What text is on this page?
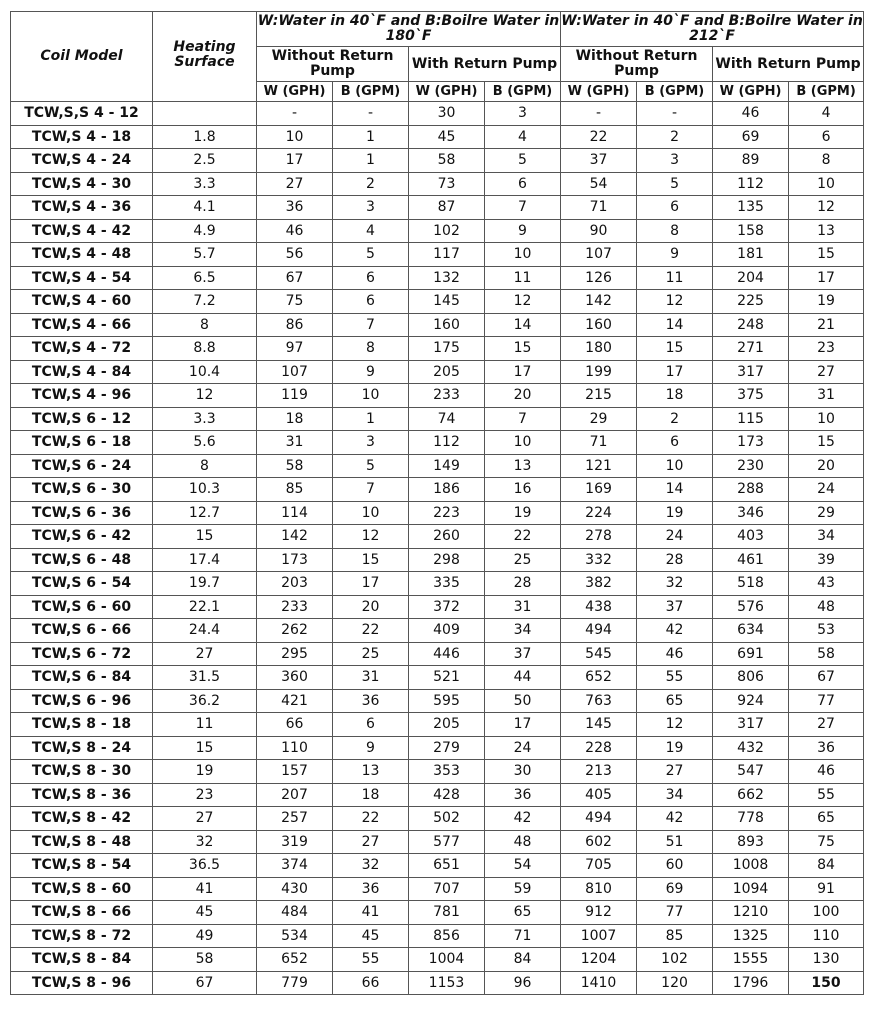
Coil Model	Heating Surface	W:Water in 40`F and B:Boilre Water in 180`F				W:Water in 40`F and B:Boilre Water in 212`F			
		Without Return Pump		With Return Pump		Without Return Pump		With Return Pump	
		W (GPH)	B (GPM)	W (GPH)	B (GPM)	W (GPH)	B (GPM)	W (GPH)	B (GPM)
TCW,S,S 4 - 12		-	-	30	3	-	-	46	4
TCW,S 4 - 18	1.8	10	1	45	4	22	2	69	6
TCW,S 4 - 24	2.5	17	1	58	5	37	3	89	8
TCW,S 4 - 30	3.3	27	2	73	6	54	5	112	10
TCW,S 4 - 36	4.1	36	3	87	7	71	6	135	12
TCW,S 4 - 42	4.9	46	4	102	9	90	8	158	13
TCW,S 4 - 48	5.7	56	5	117	10	107	9	181	15
TCW,S 4 - 54	6.5	67	6	132	11	126	11	204	17
TCW,S 4 - 60	7.2	75	6	145	12	142	12	225	19
TCW,S 4 - 66	8	86	7	160	14	160	14	248	21
TCW,S 4 - 72	8.8	97	8	175	15	180	15	271	23
TCW,S 4 - 84	10.4	107	9	205	17	199	17	317	27
TCW,S 4 - 96	12	119	10	233	20	215	18	375	31
TCW,S 6 - 12	3.3	18	1	74	7	29	2	115	10
TCW,S 6 - 18	5.6	31	3	112	10	71	6	173	15
TCW,S 6 - 24	8	58	5	149	13	121	10	230	20
TCW,S 6 - 30	10.3	85	7	186	16	169	14	288	24
TCW,S 6 - 36	12.7	114	10	223	19	224	19	346	29
TCW,S 6 - 42	15	142	12	260	22	278	24	403	34
TCW,S 6 - 48	17.4	173	15	298	25	332	28	461	39
TCW,S 6 - 54	19.7	203	17	335	28	382	32	518	43
TCW,S 6 - 60	22.1	233	20	372	31	438	37	576	48
TCW,S 6 - 66	24.4	262	22	409	34	494	42	634	53
TCW,S 6 - 72	27	295	25	446	37	545	46	691	58
TCW,S 6 - 84	31.5	360	31	521	44	652	55	806	67
TCW,S 6 - 96	36.2	421	36	595	50	763	65	924	77
TCW,S 8 - 18	11	66	6	205	17	145	12	317	27
TCW,S 8 - 24	15	110	9	279	24	228	19	432	36
TCW,S 8 - 30	19	157	13	353	30	213	27	547	46
TCW,S 8 - 36	23	207	18	428	36	405	34	662	55
TCW,S 8 - 42	27	257	22	502	42	494	42	778	65
TCW,S 8 - 48	32	319	27	577	48	602	51	893	75
TCW,S 8 - 54	36.5	374	32	651	54	705	60	1008	84
TCW,S 8 - 60	41	430	36	707	59	810	69	1094	91
TCW,S 8 - 66	45	484	41	781	65	912	77	1210	100
TCW,S 8 - 72	49	534	45	856	71	1007	85	1325	110
TCW,S 8 - 84	58	652	55	1004	84	1204	102	1555	130
TCW,S 8 - 96	67	779	66	1153	96	1410	120	1796	150
